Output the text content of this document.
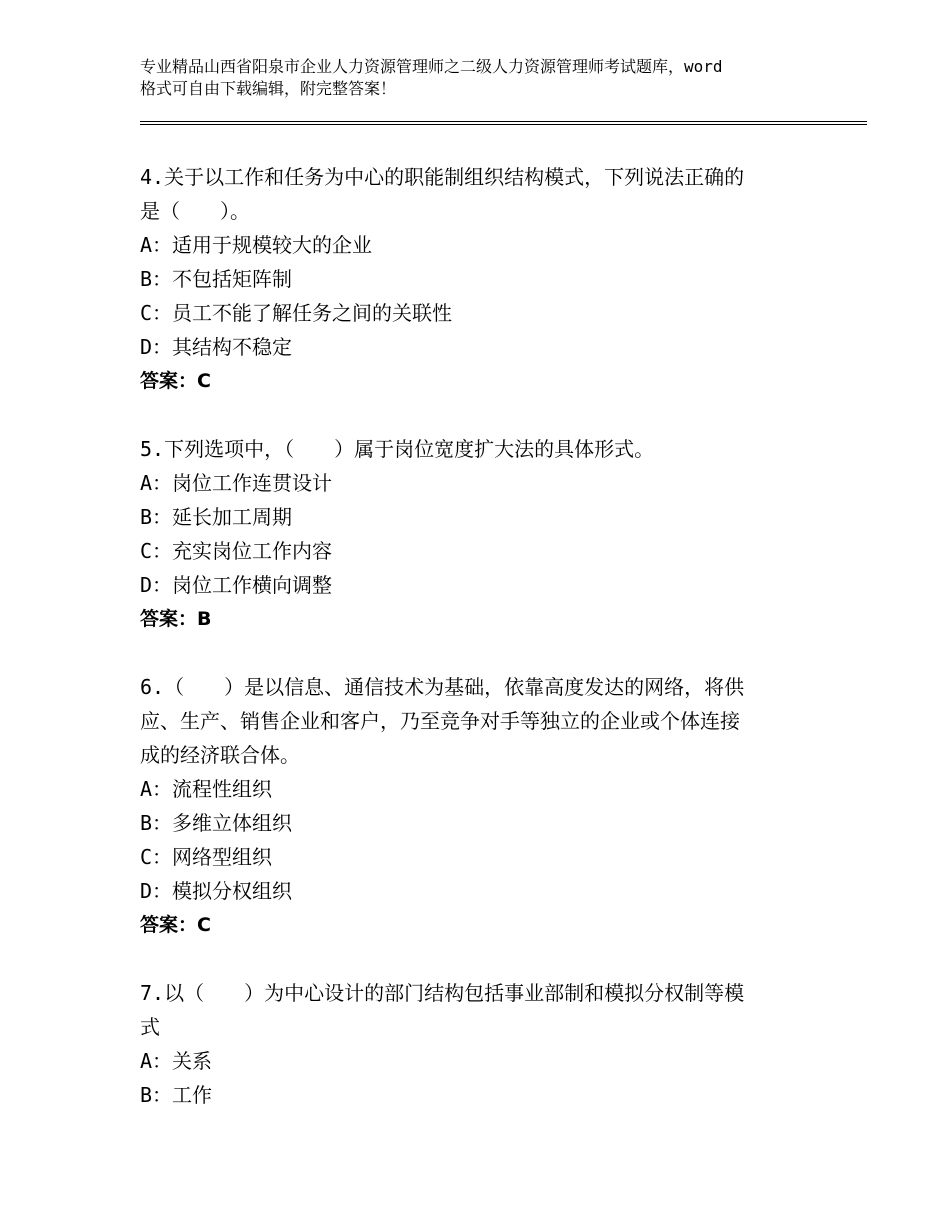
专业精品山西省阳泉市企业人力资源管理师之二级人力资源管理师考试题库，word
格式可自由下载编辑，附完整答案！
4.关于以工作和任务为中心的职能制组织结构模式，下列说法正确的
是（　　）。
A：适用于规模较大的企业
B：不包括矩阵制
C：员工不能了解任务之间的关联性
D：其结构不稳定
答案：C
5.下列选项中，（　　）属于岗位宽度扩大法的具体形式。
A：岗位工作连贯设计
B：延长加工周期
C：充实岗位工作内容
D：岗位工作横向调整
答案：B
6.（　　）是以信息、通信技术为基础，依靠高度发达的网络，将供
应、生产、销售企业和客户，乃至竞争对手等独立的企业或个体连接
成的经济联合体。
A：流程性组织
B：多维立体组织
C：网络型组织
D：模拟分权组织
答案：C
7.以（　　）为中心设计的部门结构包括事业部制和模拟分权制等模
式
A：关系
B：工作
